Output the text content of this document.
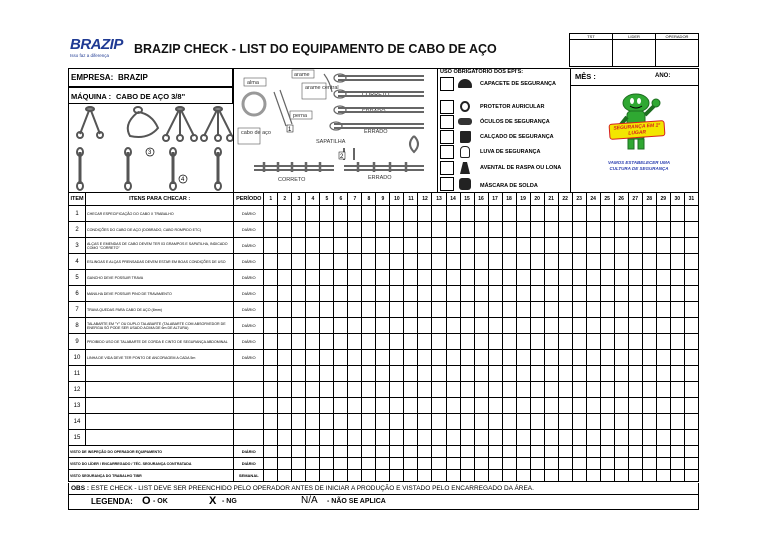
BRAZIP
Isso faz a diferença BRAZIP CHECK - LIST DO EQUIPAMENTO DE CABO DE AÇO
TST	LIDER	OPERADOR

EMPRESA: BRAZIP
MÁQUINA : CABO DE AÇO 3/8"
3
4
alma
arame
arame central
perna
cabo de aço
CORRETO
ERRADO
ERRADO
SAPATILHA
CORRETO	ERRADO
1
2
USO OBRIGATÓRIO DOS EPI'S:
CAPACETE DE SEGURANÇA
PROTETOR AURICULAR
ÓCULOS DE SEGURANÇA
CALÇADO DE SEGURANÇA
LUVA DE SEGURANÇA
AVENTAL DE RASPA OU LONA
MÁSCARA DE SOLDA
MÊS :	ANO:
SEGURANÇA EM 1º LUGAR
VAMOS ESTABELECER UMA CULTURA DE SEGURANÇA
ITEM	ITENS PARA CHECAR :	PERÍODO	1	2	3	4	5	6	7	8	9	10	11	12	13	14	15	16	17	18	19	20	21	22	23	24	25	26	27	28	29	30	31
1	CHECAR ESPECIFICAÇÃO DO CABO X TRABALHO	DIÁRIO																															
2	CONDIÇÕES DO CABO DE AÇO (DOBRADO, CABO ROMPIDO ETC)	DIÁRIO																															
3	ALÇAS E EMENDAS DE CABO DEVEM TER 03 GRAMPOS E SAPATILHA, INDICADO COMO "CORRETO"	DIÁRIO																															
4	ESLINGAS E ALÇAS PRENSADAS DEVEM ESTAR EM BOAS CONDIÇÕES DE USO	DIÁRIO																															
5	GANCHO DEVE POSSUIR TRAVA	DIÁRIO																															
6	MANILHA DEVE POSSUIR PINO DE TRAVAMENTO	DIÁRIO																															
7	TRAVA QUEDAS PARA CABO DE AÇO (8mm)	DIÁRIO																															
8	TALABARTE EM "Y" OU DUPLO TALABARTE (TALABARTE COM ABSORVEDOR DE ENERGIA SÓ PODE SER USADO ACIMA DE 6m DE ALTURA)	DIÁRIO																															
9	PROIBIDO USO DE TALABARTE DE CORDA E CINTO DE SEGURANÇA ABDOMINAL	DIÁRIO																															
10	LINHA DE VIDA DEVE TER PONTO DE ANCORAGEM A CADA 5m	DIÁRIO																															
11																																	
12																																	
13																																	
14																																	
15																																	
VISTO DE INSPEÇÃO DO OPERADOR EQUIPAMENTO		DIÁRIO																															
VISTO DO LÍDER / ENCARREGADO / TÉC. SEGURANÇA CONTRATADA		DIÁRIO																															
VISTO SEGURANÇA DO TRABALHO TIBR		SEMANAL																															
OBS : ESTE CHECK - LIST DEVE SER PREENCHIDO PELO OPERADOR ANTES DE INICIAR A PRODUÇÃO E VISTADO PELO ENCARREGADO DA ÁREA.
LEGENDA: O - OK	X - NG	N/A - NÃO SE APLICA
